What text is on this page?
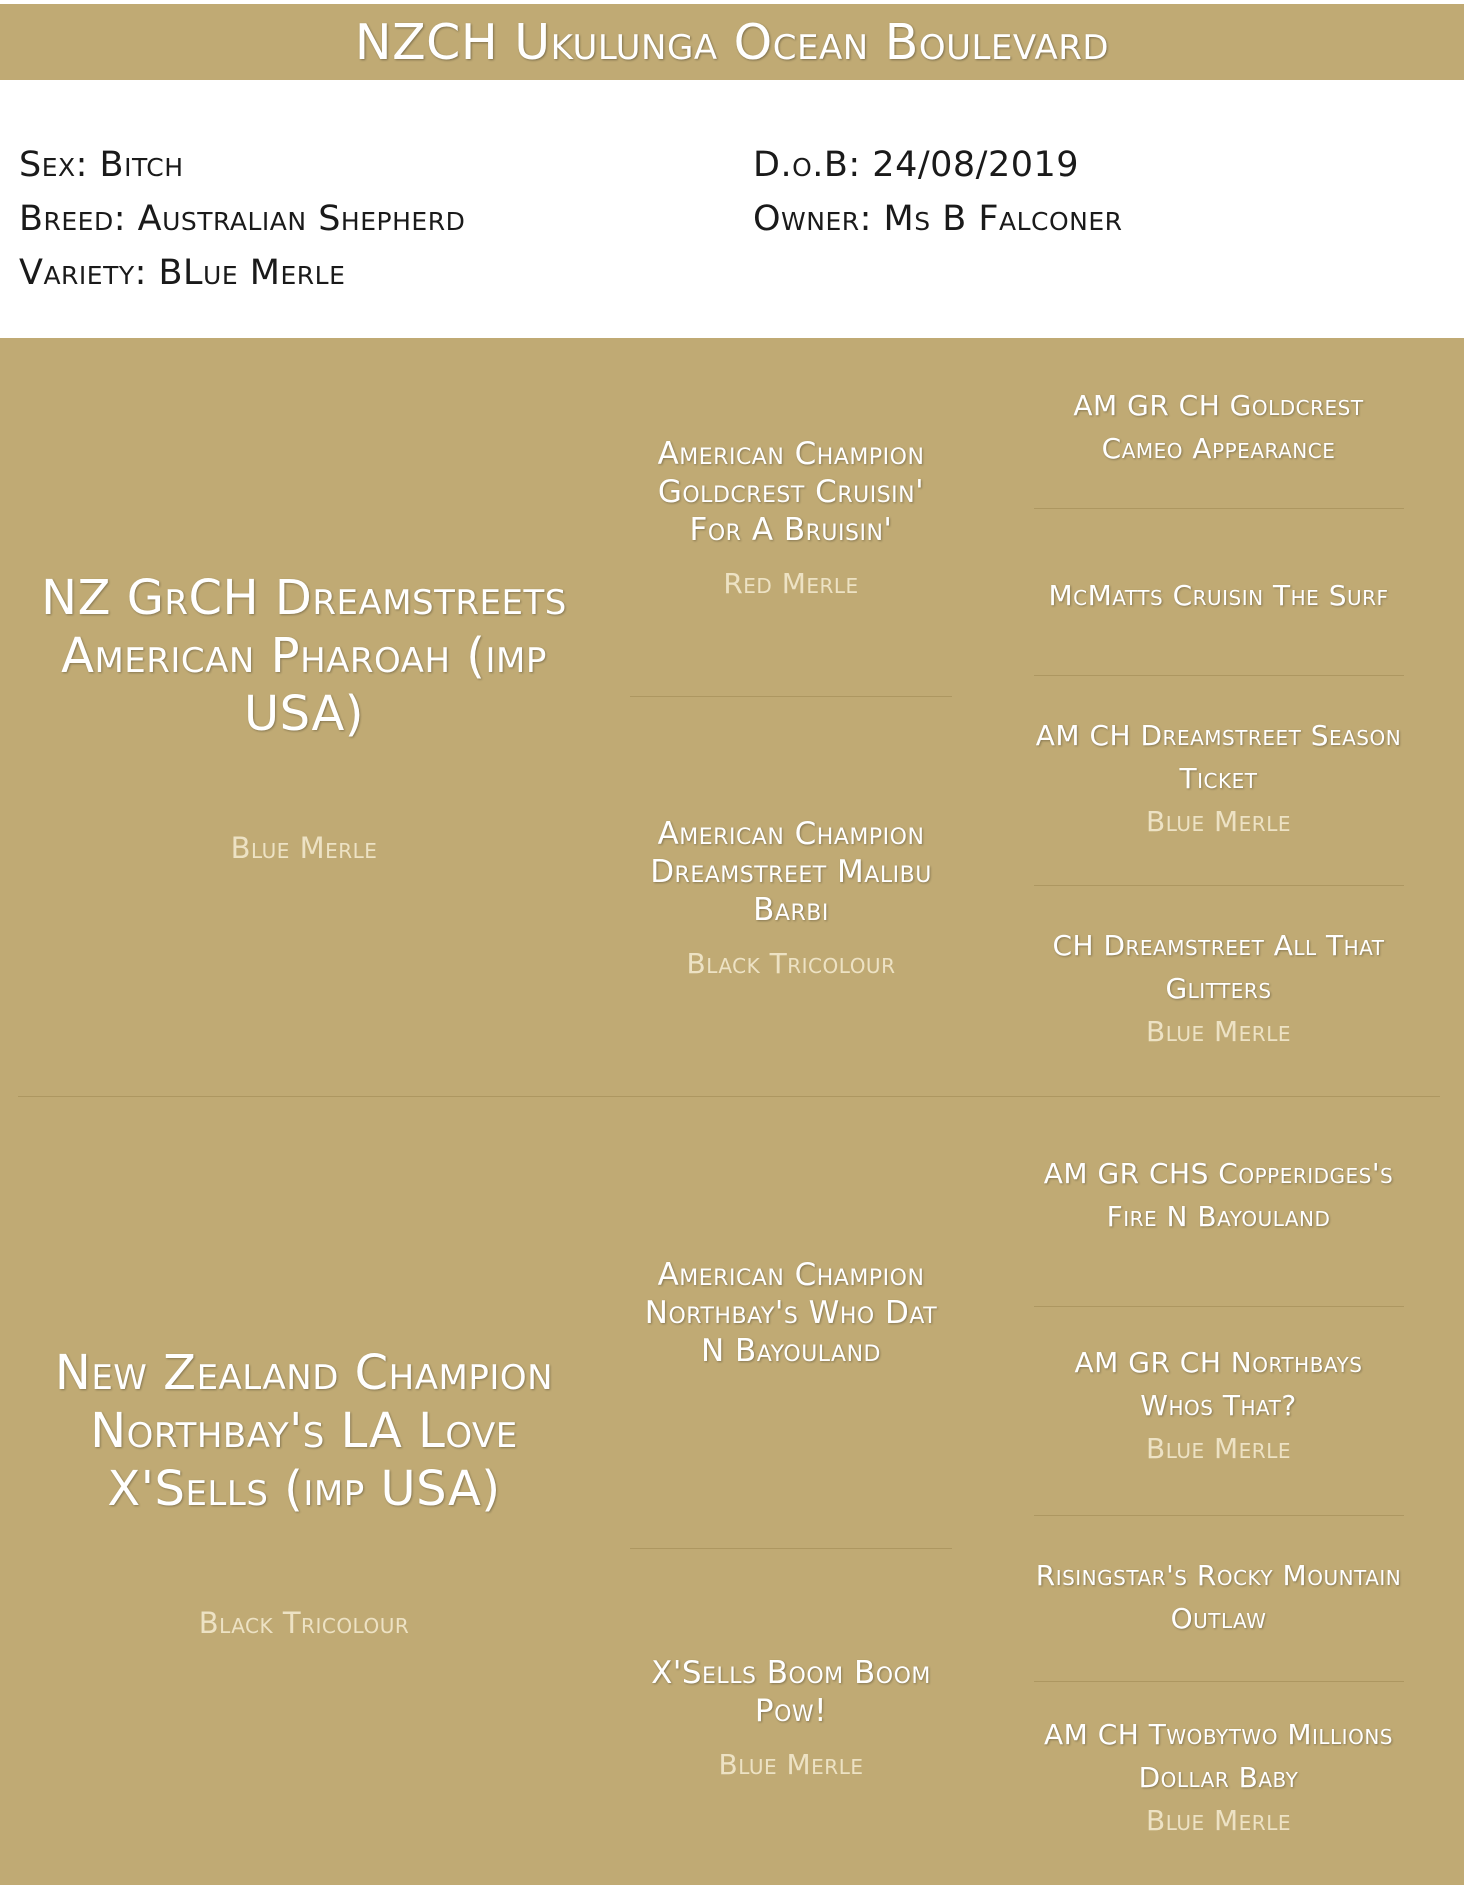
NZCH Ukulunga Ocean Boulevard
Sex: Bitch
Breed: Australian Shepherd
Variety: BLue Merle
D.o.B: 24/08/2019
Owner: Ms B Falconer
NZ GrCH Dreamstreets American Pharoah (imp USA)
Blue Merle
New Zealand Champion Northbay's LA Love X'Sells (imp USA)
Black Tricolour
American Champion Goldcrest Cruisin' For A Bruisin'
Red Merle
American Champion Dreamstreet Malibu Barbi
Black Tricolour
American Champion Northbay's Who Dat N Bayouland
X'Sells Boom Boom Pow!
Blue Merle
AM GR CH Goldcrest Cameo Appearance
McMatts Cruisin The Surf
AM CH Dreamstreet Season Ticket
Blue Merle
CH Dreamstreet All That Glitters
Blue Merle
AM GR CHS Copperidges's Fire N Bayouland
AM GR CH Northbays Whos That?
Blue Merle
Risingstar's Rocky Mountain Outlaw
AM CH Twobytwo Millions Dollar Baby
Blue Merle
